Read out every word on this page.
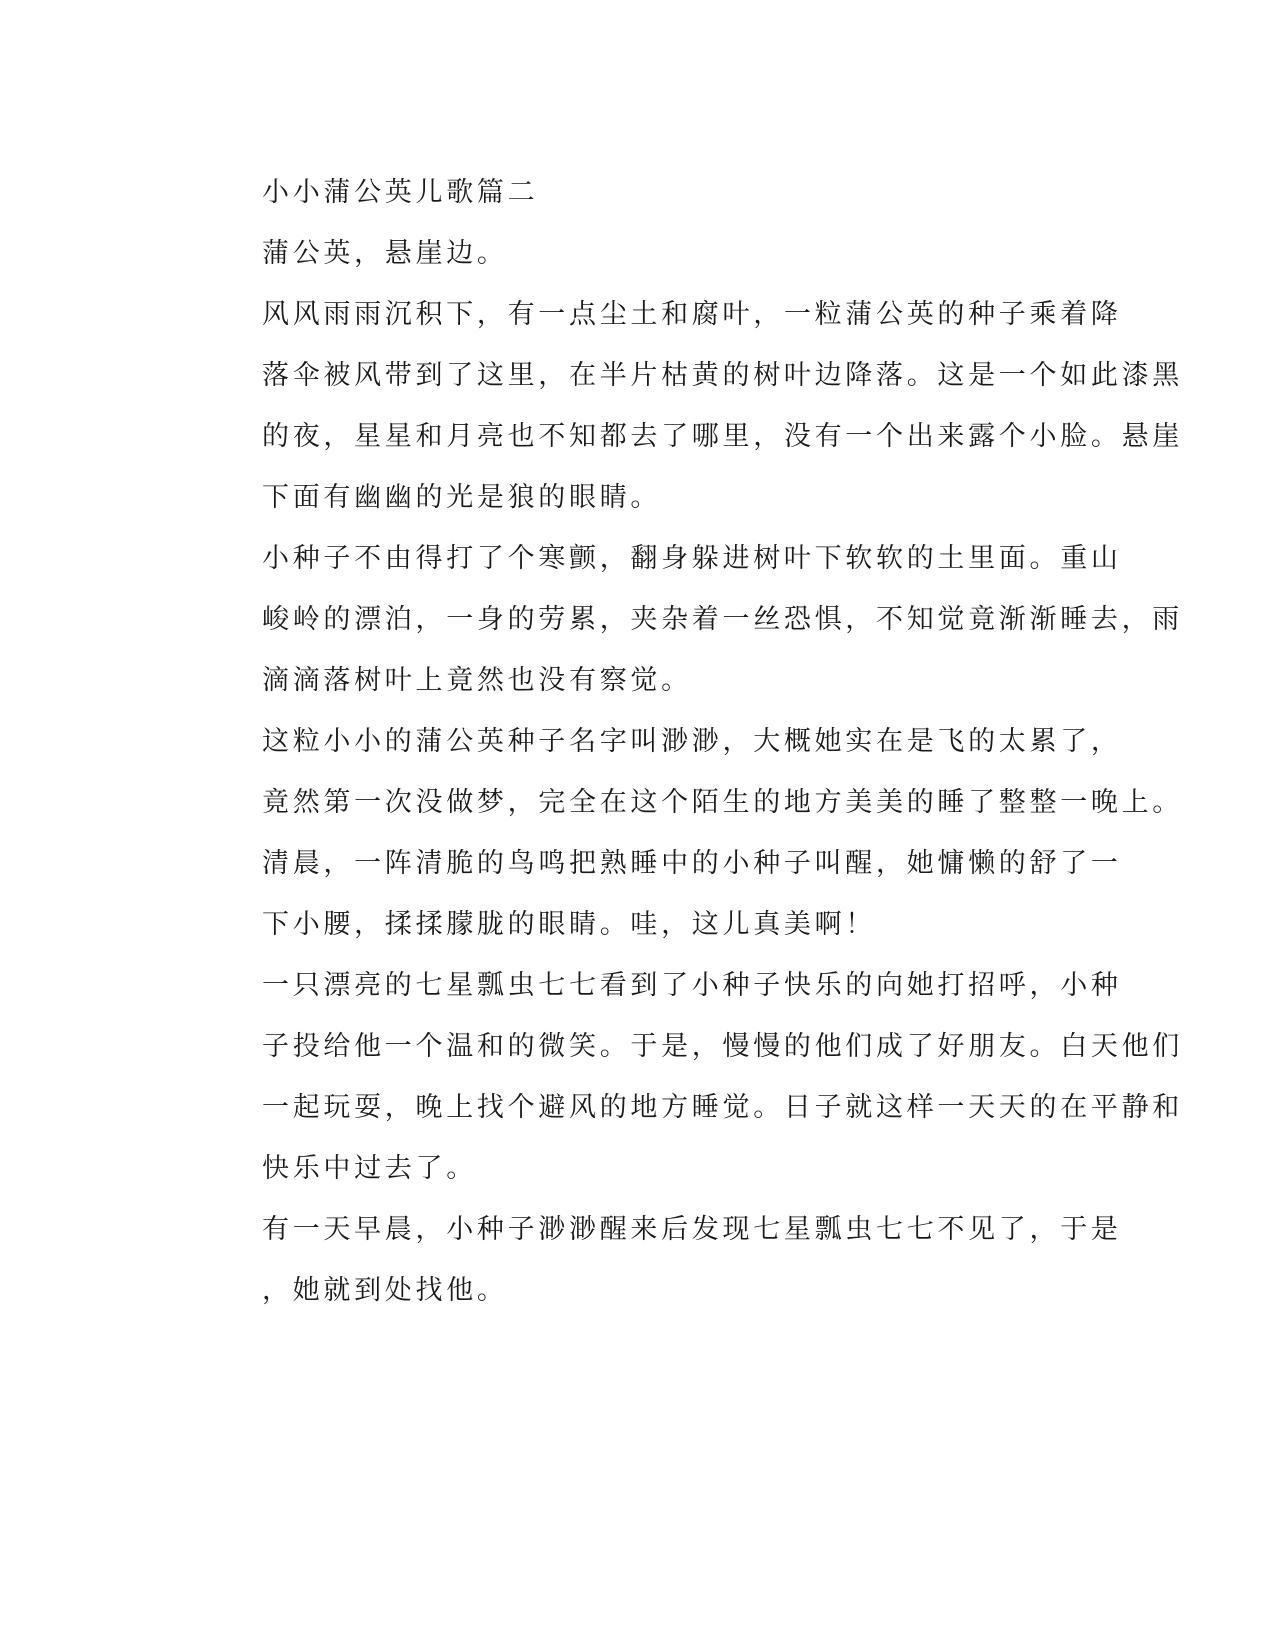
小小蒲公英儿歌篇二

蒲公英，悬崖边。

风风雨雨沉积下，有一点尘土和腐叶，一粒蒲公英的种子乘着降
落伞被风带到了这里，在半片枯黄的树叶边降落。这是一个如此漆黑
的夜，星星和月亮也不知都去了哪里，没有一个出来露个小脸。悬崖
下面有幽幽的光是狼的眼睛。

小种子不由得打了个寒颤，翻身躲进树叶下软软的土里面。重山
峻岭的漂泊，一身的劳累，夹杂着一丝恐惧，不知觉竟渐渐睡去，雨
滴滴落树叶上竟然也没有察觉。

这粒小小的蒲公英种子名字叫渺渺，大概她实在是飞的太累了，
竟然第一次没做梦，完全在这个陌生的地方美美的睡了整整一晚上。

清晨，一阵清脆的鸟鸣把熟睡中的小种子叫醒，她慵懒的舒了一
下小腰，揉揉朦胧的眼睛。哇，这儿真美啊！

一只漂亮的七星瓢虫七七看到了小种子快乐的向她打招呼，小种
子投给他一个温和的微笑。于是，慢慢的他们成了好朋友。白天他们
一起玩耍，晚上找个避风的地方睡觉。日子就这样一天天的在平静和
快乐中过去了。

有一天早晨，小种子渺渺醒来后发现七星瓢虫七七不见了，于是
，她就到处找他。
